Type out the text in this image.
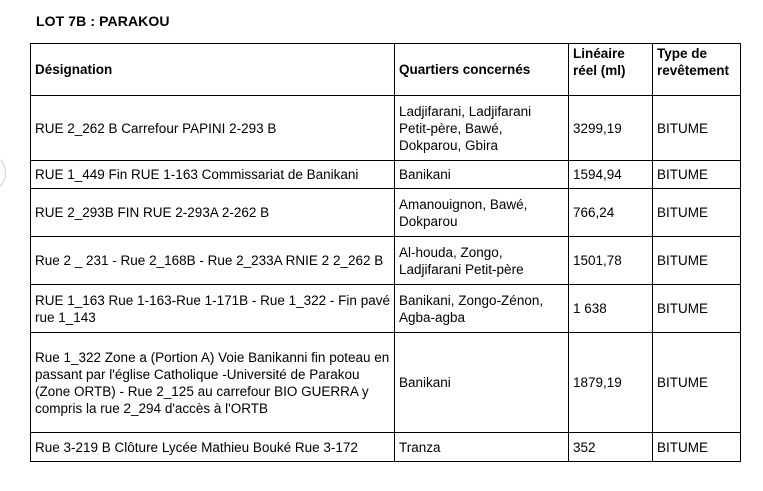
LOT 7B : PARAKOU
Désignation	Quartiers concernés	Linéaire réel (ml)	Type de revêtement
RUE 2_262 B Carrefour PAPINI 2-293 B	Ladjifarani, Ladjifarani Petit-père, Bawé, Dokparou, Gbira	3299,19	BITUME
RUE 1_449 Fin RUE 1-163 Commissariat de Banikani	Banikani	1594,94	BITUME
RUE 2_293B FIN RUE 2-293A 2-262 B	Amanouignon, Bawé, Dokparou	766,24	BITUME
Rue 2 _ 231 - Rue 2_168B - Rue 2_233A RNIE 2 2_262 B	Al-houda, Zongo, Ladjifarani Petit-père	1501,78	BITUME
RUE 1_163 Rue 1-163-Rue 1-171B - Rue 1_322 - Fin pavé rue 1_143	Banikani, Zongo-Zénon, Agba-agba	1 638	BITUME
Rue 1_322 Zone a (Portion A) Voie Banikanni fin poteau en passant par l'église Catholique -Université de Parakou (Zone ORTB) - Rue 2_125 au carrefour BIO GUERRA y compris la rue 2_294 d'accès à l'ORTB	Banikani	1879,19	BITUME
Rue 3-219 B Clôture Lycée Mathieu Bouké Rue 3-172	Tranza	352	BITUME
